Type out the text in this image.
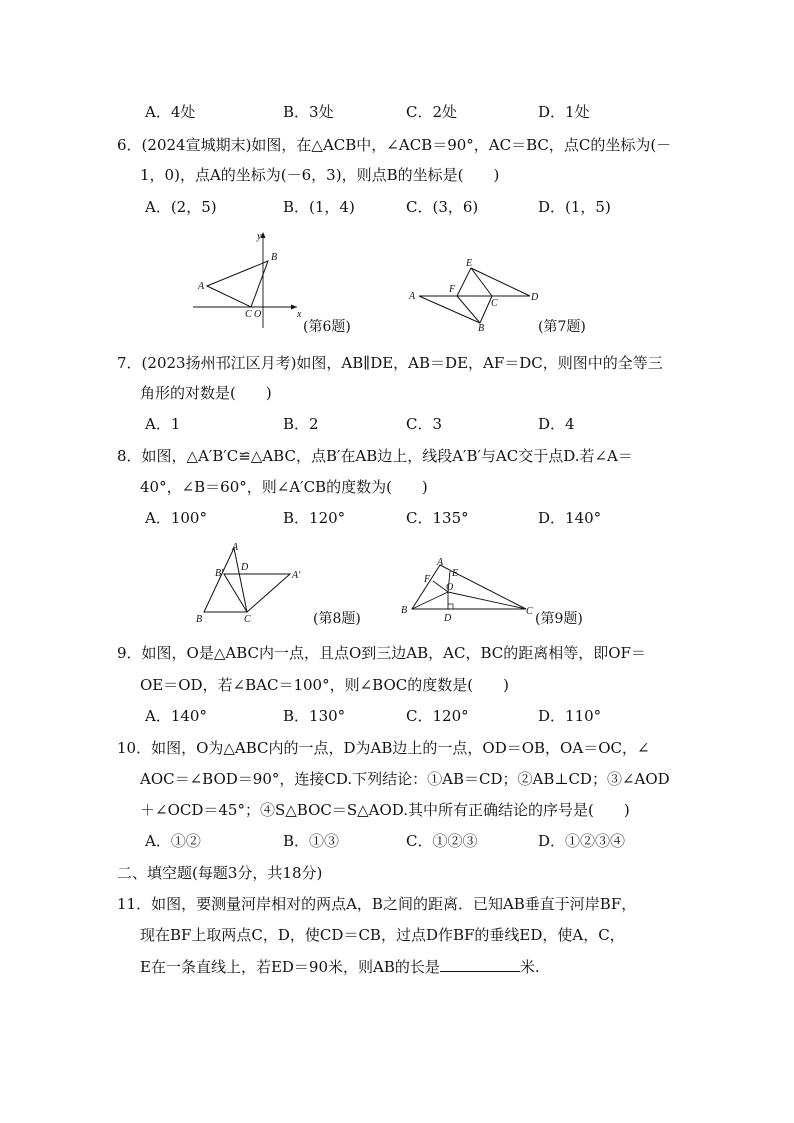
A．4处	B．3处	C．2处	D．1处
6．(2024宣城期末)如图，在△ACB中，∠ACB＝90°，AC＝BC，点C的坐标为(－
1，0)，点A的坐标为(－6，3)，则点B的坐标是(　　)
A．(2，5)	B．(1，4)	C．(3，6)	D．(1，5)
y
x
B
A
C O
(第6题)
E
A
F
C
D
B	(第7题)
7．(2023扬州邗江区月考)如图，AB∥DE，AB＝DE，AF＝DC，则图中的全等三
角形的对数是(　　)
A．1	B．2	C．3	D．4
8．如图，△A′B′C≌△ABC，点B′在AB边上，线段A′B′与AC交于点D.若∠A＝
40°，∠B＝60°，则∠A′CB的度数为(　　)
A．100°	B．120°	C．135°	D．140°
A
B′
D
A′
B	C	(第8题)
A
F
E
O
B
D
C (第9题)
9．如图，O是△ABC内一点，且点O到三边AB，AC，BC的距离相等，即OF＝
OE＝OD，若∠BAC＝100°，则∠BOC的度数是(　　)
A．140°	B．130°	C．120°	D．110°
10．如图，O为△ABC内的一点，D为AB边上的一点，OD＝OB，OA＝OC，∠
AOC＝∠BOD＝90°，连接CD.下列结论：①AB＝CD；②AB⊥CD；③∠AOD
＋∠OCD＝45°；④S△BOC＝S△AOD.其中所有正确结论的序号是(　　)
A．①②	B．①③	C．①②③	D．①②③④
二、填空题(每题3分，共18分)
11．如图，要测量河岸相对的两点A，B之间的距离．已知AB垂直于河岸BF，
现在BF上取两点C，D，使CD＝CB，过点D作BF的垂线ED，使A，C，
E在一条直线上，若ED＝90米，则AB的长是	米.
